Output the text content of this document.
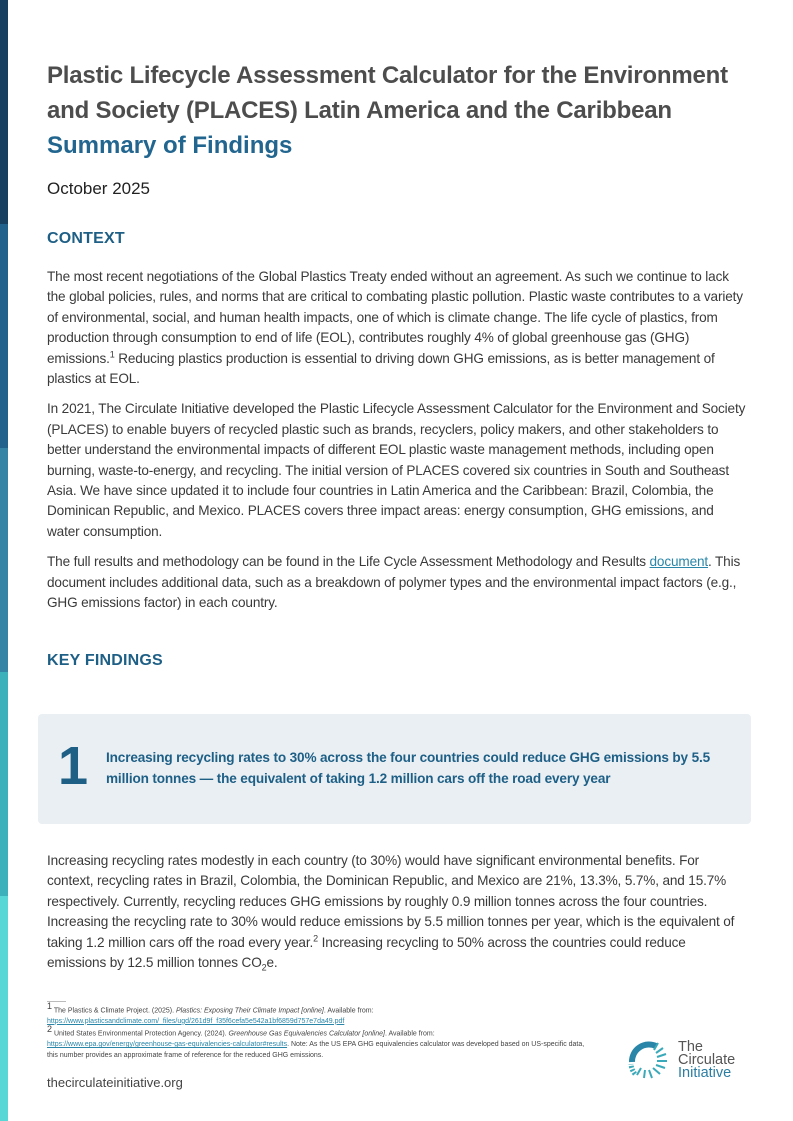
Plastic Lifecycle Assessment Calculator for the Environment
and Society (PLACES) Latin America and the Caribbean
Summary of Findings
October 2025
CONTEXT

The most recent negotiations of the Global Plastics Treaty ended without an agreement. As such we continue to lack the global policies, rules, and norms that are critical to combating plastic pollution. Plastic waste contributes to a variety of environmental, social, and human health impacts, one of which is climate change. The life cycle of plastics, from production through consumption to end of life (EOL), contributes roughly 4% of global greenhouse gas (GHG) emissions.$^1$ Reducing plastics production is essential to driving down GHG emissions, as is better management of plastics at EOL.

In 2021, The Circulate Initiative developed the Plastic Lifecycle Assessment Calculator for the Environment and Society (PLACES) to enable buyers of recycled plastic such as brands, recyclers, policy makers, and other stakeholders to better understand the environmental impacts of different EOL plastic waste management methods, including open burning, waste-to-energy, and recycling. The initial version of PLACES covered six countries in South and Southeast Asia. We have since updated it to include four countries in Latin America and the Caribbean: Brazil, Colombia, the Dominican Republic, and Mexico. PLACES covers three impact areas: energy consumption, GHG emissions, and water consumption.

The full results and methodology can be found in the Life Cycle Assessment Methodology and Results document. This document includes additional data, such as a breakdown of polymer types and the environmental impact factors (e.g., GHG emissions factor) in each country.

KEY FINDINGS
1 Increasing recycling rates to 30% across the four countries could reduce GHG emissions by 5.5 million tonnes — the equivalent of taking 1.2 million cars off the road every year

Increasing recycling rates modestly in each country (to 30%) would have significant environmental benefits. For context, recycling rates in Brazil, Colombia, the Dominican Republic, and Mexico are 21%, 13.3%, 5.7%, and 15.7% respectively. Currently, recycling reduces GHG emissions by roughly 0.9 million tonnes across the four countries. Increasing the recycling rate to 30% would reduce emissions by 5.5 million tonnes per year, which is the equivalent of taking 1.2 million cars off the road every year.$^2$ Increasing recycling to 50% across the countries could reduce emissions by 12.5 million tonnes $CO_2e$.

$^1$ The Plastics & Climate Project. (2025). Plastics: Exposing Their Climate Impact [online]. Available from:
https://www.plasticsandclimate.com/_files/ugd/261d9f_f35f6cefa5e542a1bf6859d757e7da49.pdf
$^2$ United States Environmental Protection Agency. (2024). Greenhouse Gas Equivalencies Calculator [online]. Available from:
https://www.epa.gov/energy/greenhouse-gas-equivalencies-calculator#results. Note: As the US EPA GHG equivalencies calculator was developed based on US-specific data, this number provides an approximate frame of reference for the reduced GHG emissions.
thecirculateinitiative.org
The
Circulate
Initiative
